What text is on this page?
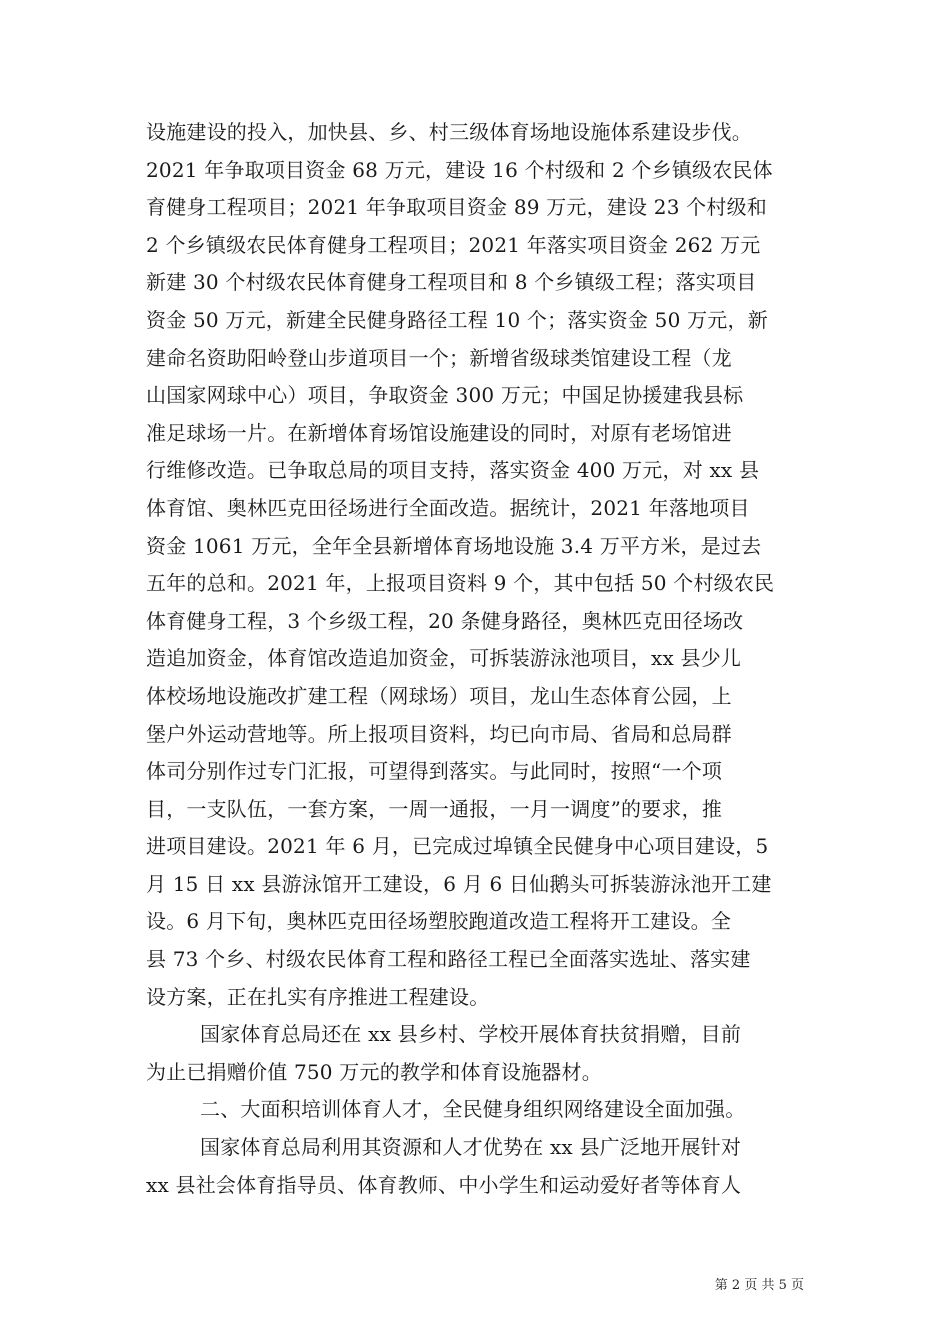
设施建设的投入，加快县、乡、村三级体育场地设施体系建设步伐。
2021 年争取项目资金 68 万元，建设 16 个村级和 2 个乡镇级农民体
育健身工程项目；2021 年争取项目资金 89 万元，建设 23 个村级和
2 个乡镇级农民体育健身工程项目；2021 年落实项目资金 262 万元
新建 30 个村级农民体育健身工程项目和 8 个乡镇级工程；落实项目
资金 50 万元，新建全民健身路径工程 10 个；落实资金 50 万元，新
建命名资助阳岭登山步道项目一个；新增省级球类馆建设工程（龙
山国家网球中心）项目，争取资金 300 万元；中国足协援建我县标
准足球场一片。在新增体育场馆设施建设的同时，对原有老场馆进
行维修改造。已争取总局的项目支持，落实资金 400 万元，对 xx 县
体育馆、奥林匹克田径场进行全面改造。据统计，2021 年落地项目
资金 1061 万元，全年全县新增体育场地设施 3.4 万平方米，是过去
五年的总和。2021 年，上报项目资料 9 个，其中包括 50 个村级农民
体育健身工程，3 个乡级工程，20 条健身路径，奥林匹克田径场改
造追加资金，体育馆改造追加资金，可拆装游泳池项目，xx 县少儿
体校场地设施改扩建工程（网球场）项目，龙山生态体育公园，上
堡户外运动营地等。所上报项目资料，均已向市局、省局和总局群
体司分别作过专门汇报，可望得到落实。与此同时，按照“一个项
目，一支队伍，一套方案，一周一通报，一月一调度”的要求，推
进项目建设。2021 年 6 月，已完成过埠镇全民健身中心项目建设，5
月 15 日 xx 县游泳馆开工建设，6 月 6 日仙鹅头可拆装游泳池开工建
设。6 月下旬，奥林匹克田径场塑胶跑道改造工程将开工建设。全
县 73 个乡、村级农民体育工程和路径工程已全面落实选址、落实建
设方案，正在扎实有序推进工程建设。
国家体育总局还在 xx 县乡村、学校开展体育扶贫捐赠，目前
为止已捐赠价值 750 万元的教学和体育设施器材。
二、大面积培训体育人才，全民健身组织网络建设全面加强。
国家体育总局利用其资源和人才优势在 xx 县广泛地开展针对
xx 县社会体育指导员、体育教师、中小学生和运动爱好者等体育人
第 2 页 共 5 页
